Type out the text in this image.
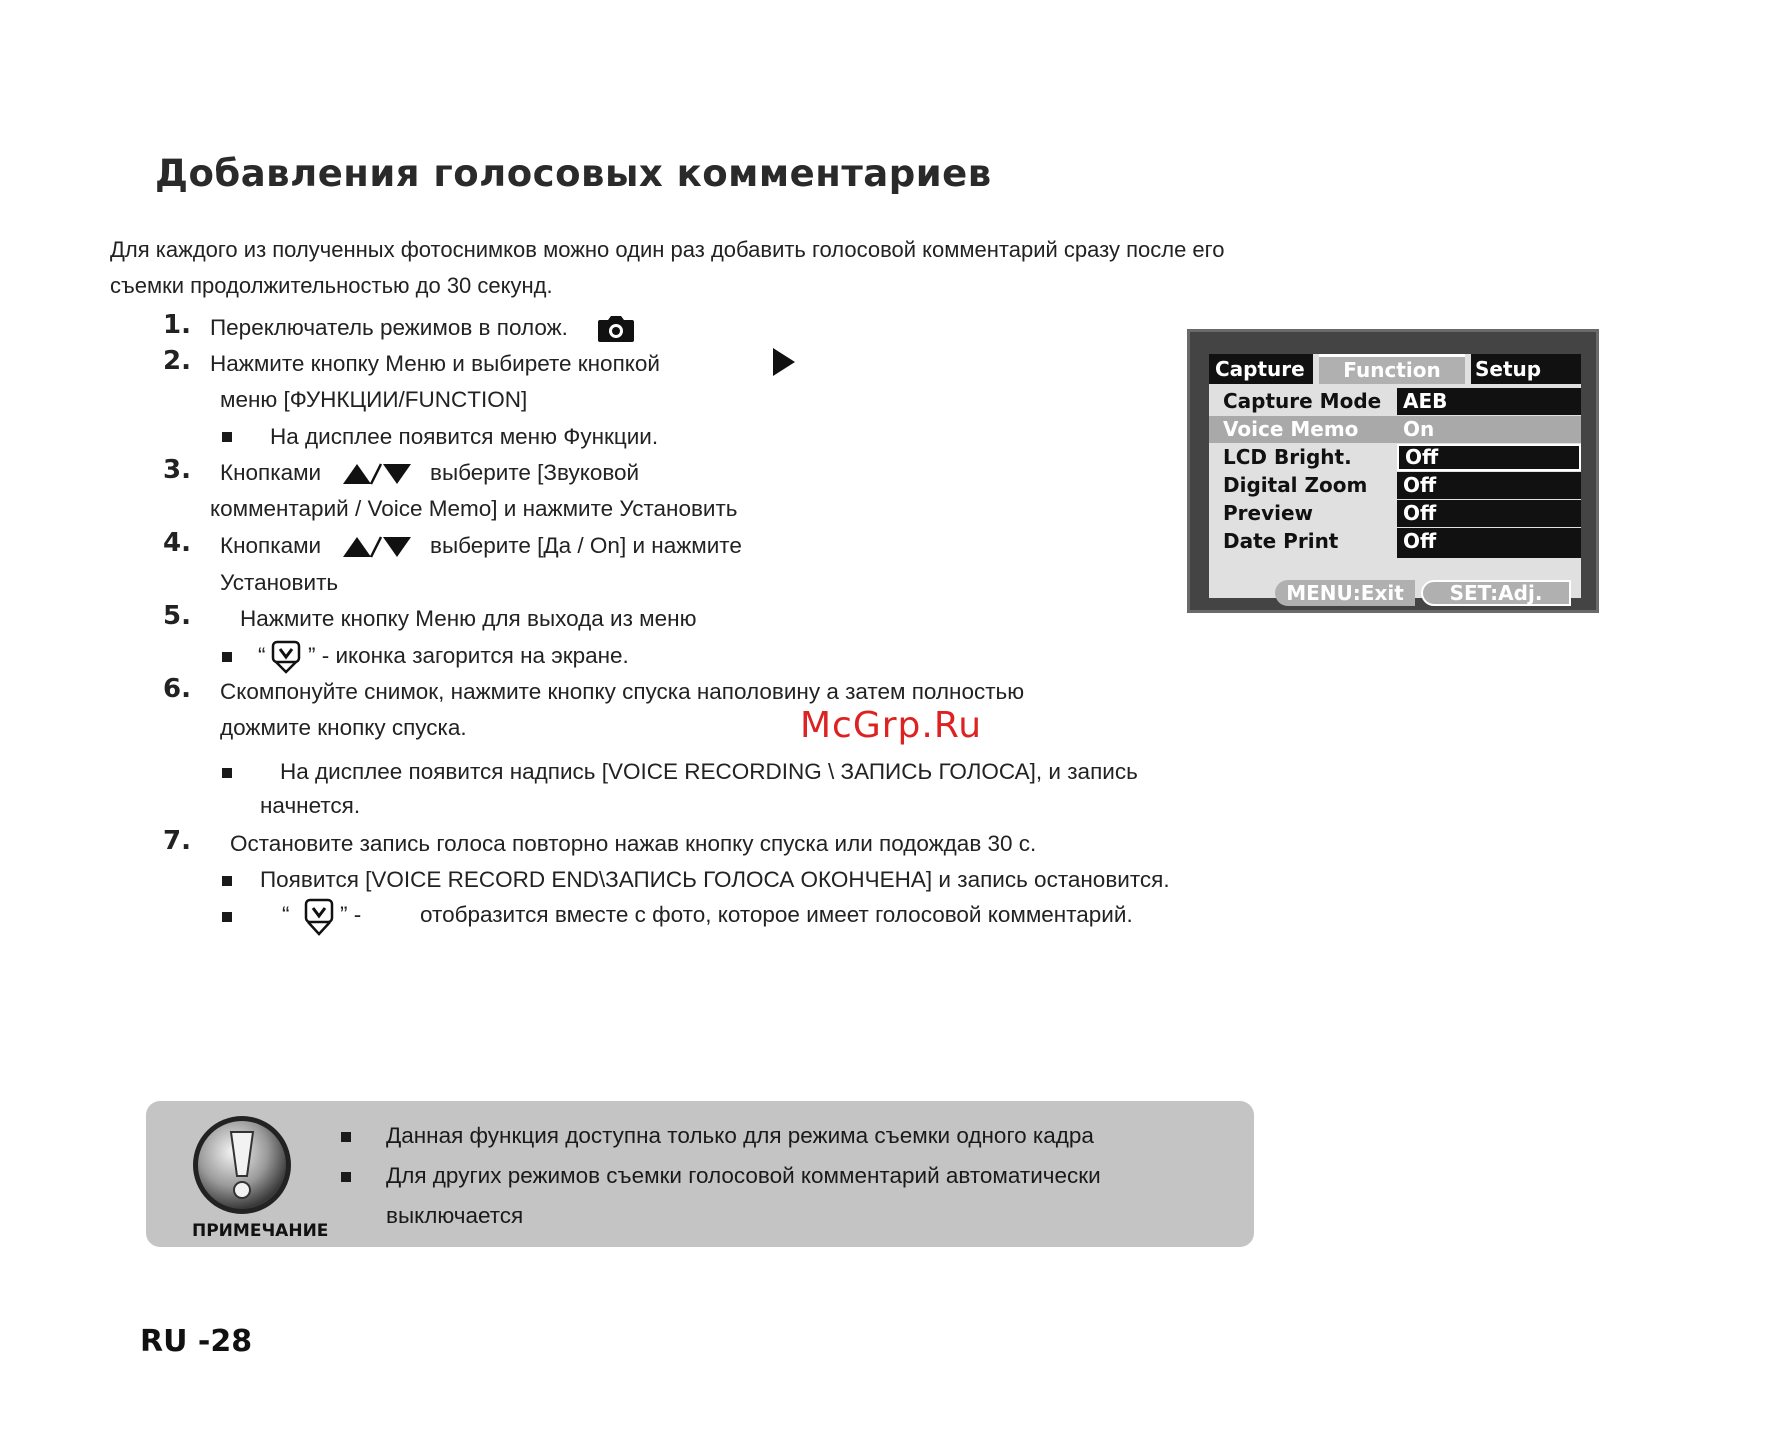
Добавления голосовых комментариев
Для каждого из полученных фотоснимков можно один раз добавить голосовой комментарий сразу после его
съемки продолжительностью до 30 секунд.
1. Переключатель режимов в полож.
2. Нажмите кнопку Меню и выбирете кнопкой
меню [ФУНКЦИИ/FUNCTION]
На дисплее появится меню Функции.
3. Кнопками	выберите [Звуковой
комментарий / Voice Memo] и нажмите Установить
4. Кнопками	выберите [Да / On] и нажмите
Установить
5. Нажмите кнопку Меню для выхода из меню
“ ” - иконка загорится на экране.
6. Скомпонуйте снимок, нажмите кнопку спуска наполовину а затем полностью
дожмите кнопку спуска.
На дисплее появится надпись [VOICE RECORDING \ ЗАПИСЬ ГОЛОСА], и запись
начнется.
7. Остановите запись голоса повторно нажав кнопку спуска или подождав 30 с.
Появится [VOICE RECORD END\ЗАПИСЬ ГОЛОСА ОКОНЧЕНА] и запись остановится.
“ ” -	отобразится вместе с фото, которое имеет голосовой комментарий.
Capture	Function	Setup
Capture Mode	AEB
Voice Memo	On
LCD Bright.	Off
Digital Zoom	Off
Preview	Off
Date Print	Off
MENU:Exit	SET:Adj.
McGrp.Ru
ПРИМЕЧАНИЕ
Данная функция доступна только для режима съемки одного кадра
Для других режимов съемки голосовой комментарий автоматически
выключается
RU -28
